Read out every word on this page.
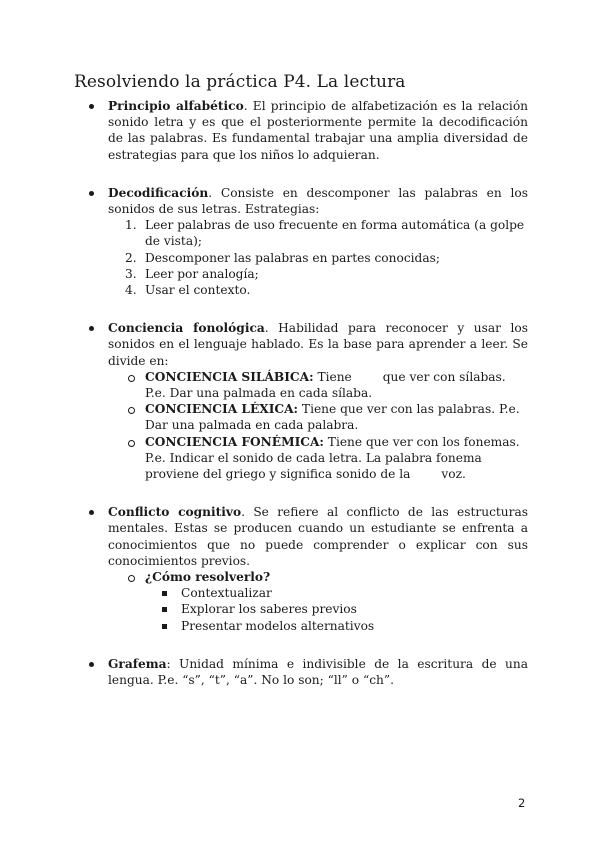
Resolviendo la práctica P4. La lectura
Principio alfabético. El principio de alfabetización es la relación sonido letra y es que el posteriormente permite la decodificación de las palabras. Es fundamental trabajar una amplia diversidad de estrategias para que los niños lo adquieran.
Decodificación. Consiste en descomponer las palabras en los sonidos de sus letras. Estrategias:
1. Leer palabras de uso frecuente en forma automática (a golpe de vista);
2. Descomponer las palabras en partes conocidas;
3. Leer por analogía;
4. Usar el contexto.
Conciencia fonológica. Habilidad para reconocer y usar los sonidos en el lenguaje hablado. Es la base para aprender a leer. Se divide en:
CONCIENCIA SILÁBICA: Tiene        que ver con sílabas. P.e. Dar una palmada en cada sílaba.
CONCIENCIA LÉXICA: Tiene que ver con las palabras. P.e. Dar una palmada en cada palabra.
CONCIENCIA FONÉMICA: Tiene que ver con los fonemas. P.e. Indicar el sonido de cada letra. La palabra fonema proviene del griego y significa sonido de la        voz.
Conflicto cognitivo. Se refiere al conflicto de las estructuras mentales. Estas se producen cuando un estudiante se enfrenta a conocimientos que no puede comprender o explicar con sus conocimientos previos.
¿Cómo resolverlo?
Contextualizar
Explorar los saberes previos
Presentar modelos alternativos
Grafema: Unidad mínima e indivisible de la escritura de una lengua. P.e. “s”, “t”, “a”. No lo son; “ll” o “ch”.
2
